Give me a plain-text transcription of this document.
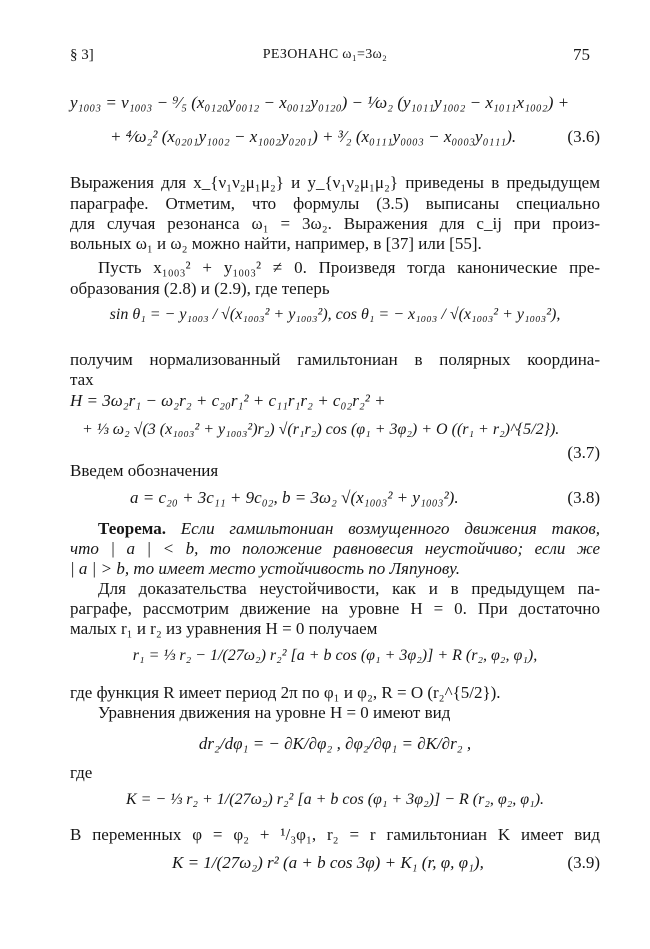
§ 3]	РЕЗОНАНС ω₁=3ω₂	75
y₁₀₀₃ = v₁₀₀₃ − ⁹⁄₅ (x₀₁₂₀y₀₀₁₂ − x₀₀₁₂y₀₁₂₀) − ¹⁄ω₂ (y₁₀₁₁y₁₀₀₂ − x₁₀₁₁x₁₀₀₂) +
+ ⁴⁄ω₂² (x₀₂₀₁y₁₀₀₂ − x₁₀₀₂y₀₂₀₁) + ³⁄₂ (x₀₁₁₁y₀₀₀₃ − x₀₀₀₃y₀₁₁₁).	(3.6)
Выражения для x_{ν₁ν₂μ₁μ₂} и y_{ν₁ν₂μ₁μ₂} приведены в предыдущем
параграфе. Отметим, что формулы (3.5) выписаны специально
для случая резонанса ω₁ = 3ω₂. Выражения для c_ij при произ-
вольных ω₁ и ω₂ можно найти, например, в [37] или [55].
Пусть x₁₀₀₃² + y₁₀₀₃² ≠ 0. Произведя тогда канонические пре-
образования (2.8) и (2.9), где теперь
sin θ₁ = − y₁₀₀₃ / √(x₁₀₀₃² + y₁₀₀₃²), cos θ₁ = − x₁₀₀₃ / √(x₁₀₀₃² + y₁₀₀₃²),
получим нормализованный гамильтониан в полярных координа-
тах
H = 3ω₂r₁ − ω₂r₂ + c₂₀r₁² + c₁₁r₁r₂ + c₀₂r₂² +
+ ⅓ ω₂ √(3 (x₁₀₀₃² + y₁₀₀₃²)r₂) √(r₁r₂) cos (φ₁ + 3φ₂) + O ((r₁ + r₂)^{5/2}).
(3.7)
Введем обозначения
a = c₂₀ + 3c₁₁ + 9c₀₂, b = 3ω₂ √(x₁₀₀₃² + y₁₀₀₃²).	(3.8)
Теорема. Если гамильтониан возмущенного движения таков,
что | a | < b, то положение равновесия неустойчиво; если же
| a | > b, то имеет место устойчивость по Ляпунову.
Для доказательства неустойчивости, как и в предыдущем па-
раграфе, рассмотрим движение на уровне H = 0. При достаточно
малых r₁ и r₂ из уравнения H = 0 получаем
r₁ = ⅓ r₂ − 1/(27ω₂) r₂² [a + b cos (φ₁ + 3φ₂)] + R (r₂, φ₂, φ₁),
где функция R имеет период 2π по φ₁ и φ₂, R = O (r₂^{5/2}).
Уравнения движения на уровне H = 0 имеют вид
dr₂/dφ₁ = − ∂K/∂φ₂ , ∂φ₂/∂φ₁ = ∂K/∂r₂ ,
где
K = − ⅓ r₂ + 1/(27ω₂) r₂² [a + b cos (φ₁ + 3φ₂)] − R (r₂, φ₂, φ₁).
В переменных φ = φ₂ + ¹/₃φ₁, r₂ = r гамильтониан K имеет вид
K = 1/(27ω₂) r² (a + b cos 3φ) + K₁ (r, φ, φ₁),	(3.9)
